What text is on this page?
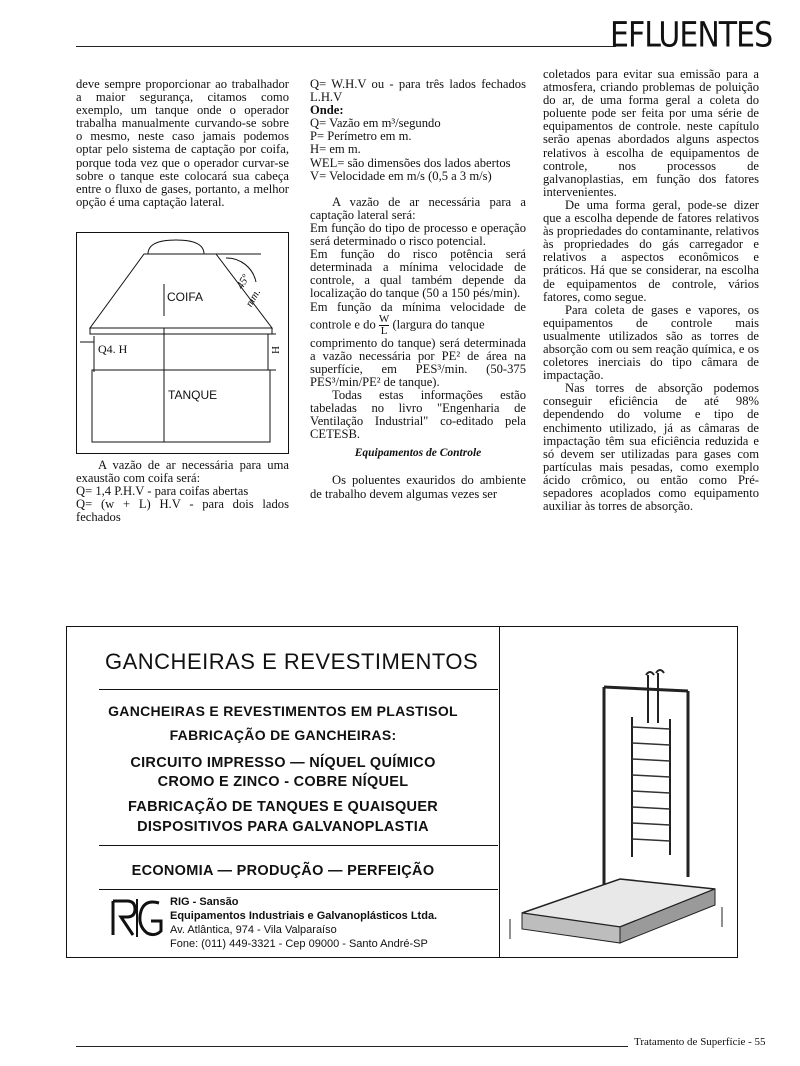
EFLUENTES

deve sempre proporcionar ao trabalhador a maior segurança, citamos como exemplo, um tanque onde o operador trabalha manualmente curvando-se sobre o mesmo, neste caso jamais podemos optar pelo sistema de captação por coifa, porque toda vez que o operador curvar-se sobre o tanque este colocará sua cabeça entre o fluxo de gases, portanto, a melhor opção é uma captação lateral.

COIFA
45º
mm.
Q4. H	H
TANQUE

A vazão de ar necessária para uma exaustão com coifa será:

Q= 1,4 P.H.V - para coifas abertas

Q= (w + L) H.V - para dois lados fechados

Q= W.H.V ou - para três lados fechados L.H.V

Onde:

Q= Vazão em m³/segundo

P= Perímetro em m.

H= em m.

WEL= são dimensões dos lados abertos

V= Velocidade em m/s (0,5 a 3 m/s)

A vazão de ar necessária para a captação lateral será:

Em função do tipo de processo e operação será determinado o risco potencial.

Em função do risco potência será determinada a mínima velocidade de controle, a qual também depende da localização do tanque (50 a 150 pés/min).

Em função da mínima velocidade de controle e do $\frac{W}{L}$ (largura do tanque

comprimento do tanque) será determinada a vazão necessária por PE² de área na superfície, em PES³/min. (50-375 PES³/min/PE² de tanque).

Todas estas informações estão tabeladas no livro "Engenharia de Ventilação Industrial" co-editado pela CETESB.

Equipamentos de Controle

Os poluentes exauridos do ambiente de trabalho devem algumas vezes ser

coletados para evitar sua emissão para a atmosfera, criando problemas de poluição do ar, de uma forma geral a coleta do poluente pode ser feita por uma série de equipamentos de controle. neste capítulo serão apenas abordados alguns aspectos relativos à escolha de equipamentos de controle, nos processos de galvanoplastias, em função dos fatores intervenientes.

De uma forma geral, pode-se dizer que a escolha depende de fatores relativos às propriedades do contaminante, relativos às propriedades do gás carregador e relativos a aspectos econômicos e práticos. Há que se considerar, na escolha de equipamentos de controle, vários fatores, como segue.

Para coleta de gases e vapores, os equipamentos de controle mais usualmente utilizados são as torres de absorção com ou sem reação química, e os coletores inerciais do tipo câmara de impactação.

Nas torres de absorção podemos conseguir eficiência de até 98% dependendo do volume e tipo de enchimento utilizado, já as câmaras de impactação têm sua eficiência reduzida e só devem ser utilizadas para gases com partículas mais pesadas, como exemplo ácido crômico, ou então como Pré-sepadores acoplados como equipamento auxiliar às torres de absorção.

GANCHEIRAS E REVESTIMENTOS
GANCHEIRAS E REVESTIMENTOS EM PLASTISOL
FABRICAÇÃO DE GANCHEIRAS:
CIRCUITO IMPRESSO — NÍQUEL QUÍMICO
CROMO E ZINCO - COBRE NÍQUEL
FABRICAÇÃO DE TANQUES E QUAISQUER
DISPOSITIVOS PARA GALVANOPLASTIA
ECONOMIA — PRODUÇÃO — PERFEIÇÃO
RIG - Sansão
Equipamentos Industriais e Galvanoplásticos Ltda.
Av. Atlântica, 974 - Vila Valparaíso
Fone: (011) 449-3321 - Cep 09000 - Santo André-SP
Tratamento de Superfície - 55
